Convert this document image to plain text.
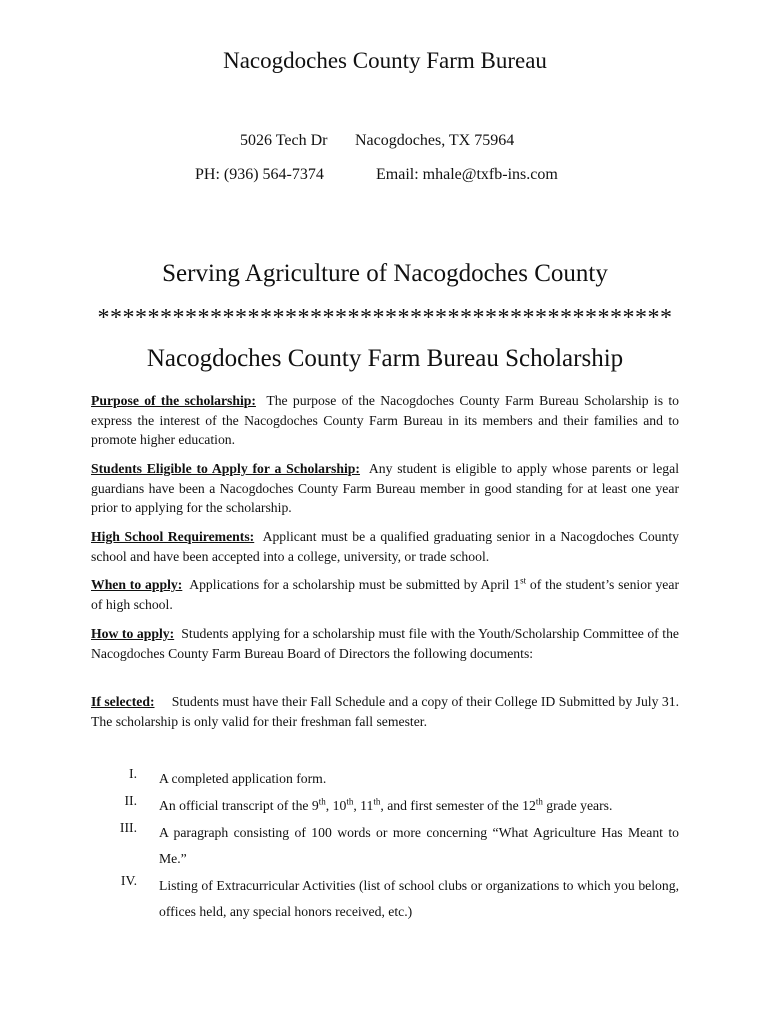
Nacogdoches County Farm Bureau
5026 Tech Dr Nacogdoches, TX 75964
PH: (936) 564-7374	Email: mhale@txfb-ins.com
Serving Agriculture of Nacogdoches County
**********************************************
Nacogdoches County Farm Bureau Scholarship
Purpose of the scholarship: The purpose of the Nacogdoches County Farm Bureau Scholarship is to express the interest of the Nacogdoches County Farm Bureau in its members and their families and to promote higher education.
Students Eligible to Apply for a Scholarship: Any student is eligible to apply whose parents or legal guardians have been a Nacogdoches County Farm Bureau member in good standing for at least one year prior to applying for the scholarship.
High School Requirements: Applicant must be a qualified graduating senior in a Nacogdoches County school and have been accepted into a college, university, or trade school.
When to apply: Applications for a scholarship must be submitted by April 1st of the student’s senior year of high school.
How to apply: Students applying for a scholarship must file with the Youth/Scholarship Committee of the Nacogdoches County Farm Bureau Board of Directors the following documents:
If selected: Students must have their Fall Schedule and a copy of their College ID Submitted by July 31. The scholarship is only valid for their freshman fall semester.
I. A completed application form.
II. An official transcript of the 9th, 10th, 11th, and first semester of the 12th grade years.
III. A paragraph consisting of 100 words or more concerning “What Agriculture Has Meant to Me.”
IV. Listing of Extracurricular Activities (list of school clubs or organizations to which you belong, offices held, any special honors received, etc.)
